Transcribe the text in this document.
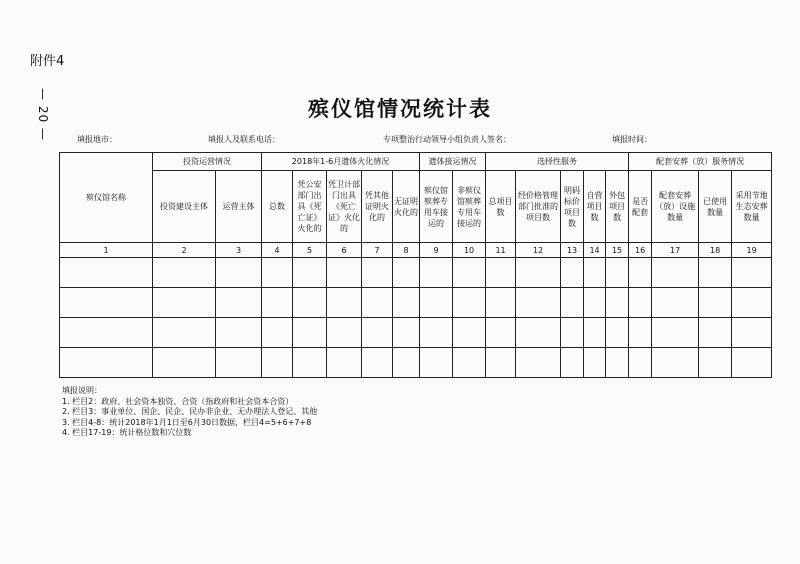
附件4
— 20 —	殡仪馆情况统计表
填报地市：	填报人及联系电话：	专项整治行动领导小组负责人签名：	填报时间：
殡仪馆名称	投资运营情况		2018年1-6月遗体火化情况					遗体接运情况		选择性服务					配套安葬（放）服务情况			
	投资建设主体	运营主体	总数	凭公安部门出具《死亡证》火化的	凭卫计部门出具《死亡证》火化的	凭其他证明火化的	无证明火化的	殡仪馆殡葬专用车接运的	非殡仪馆殡葬专用车接运的	总项目数	经价格管理部门批准的项目数	明码标价项目数	自营项目数	外包项目数	是否配套	配套安葬（放）设施数量	已使用数量	采用节地生态安葬数量
1	2	3	4	5	6	7	8	9	10	11	12	13	14	15	16	17	18	19

填报说明：
1. 栏目2：政府、社会资本独资、合资（指政府和社会资本合资）
2. 栏目3：事业单位、国企、民企、民办非企业、无办理法人登记、其他
3. 栏目4-8：统计2018年1月1日至6月30日数据，栏目4=5+6+7+8
4. 栏目17-19：统计格位数和穴位数
